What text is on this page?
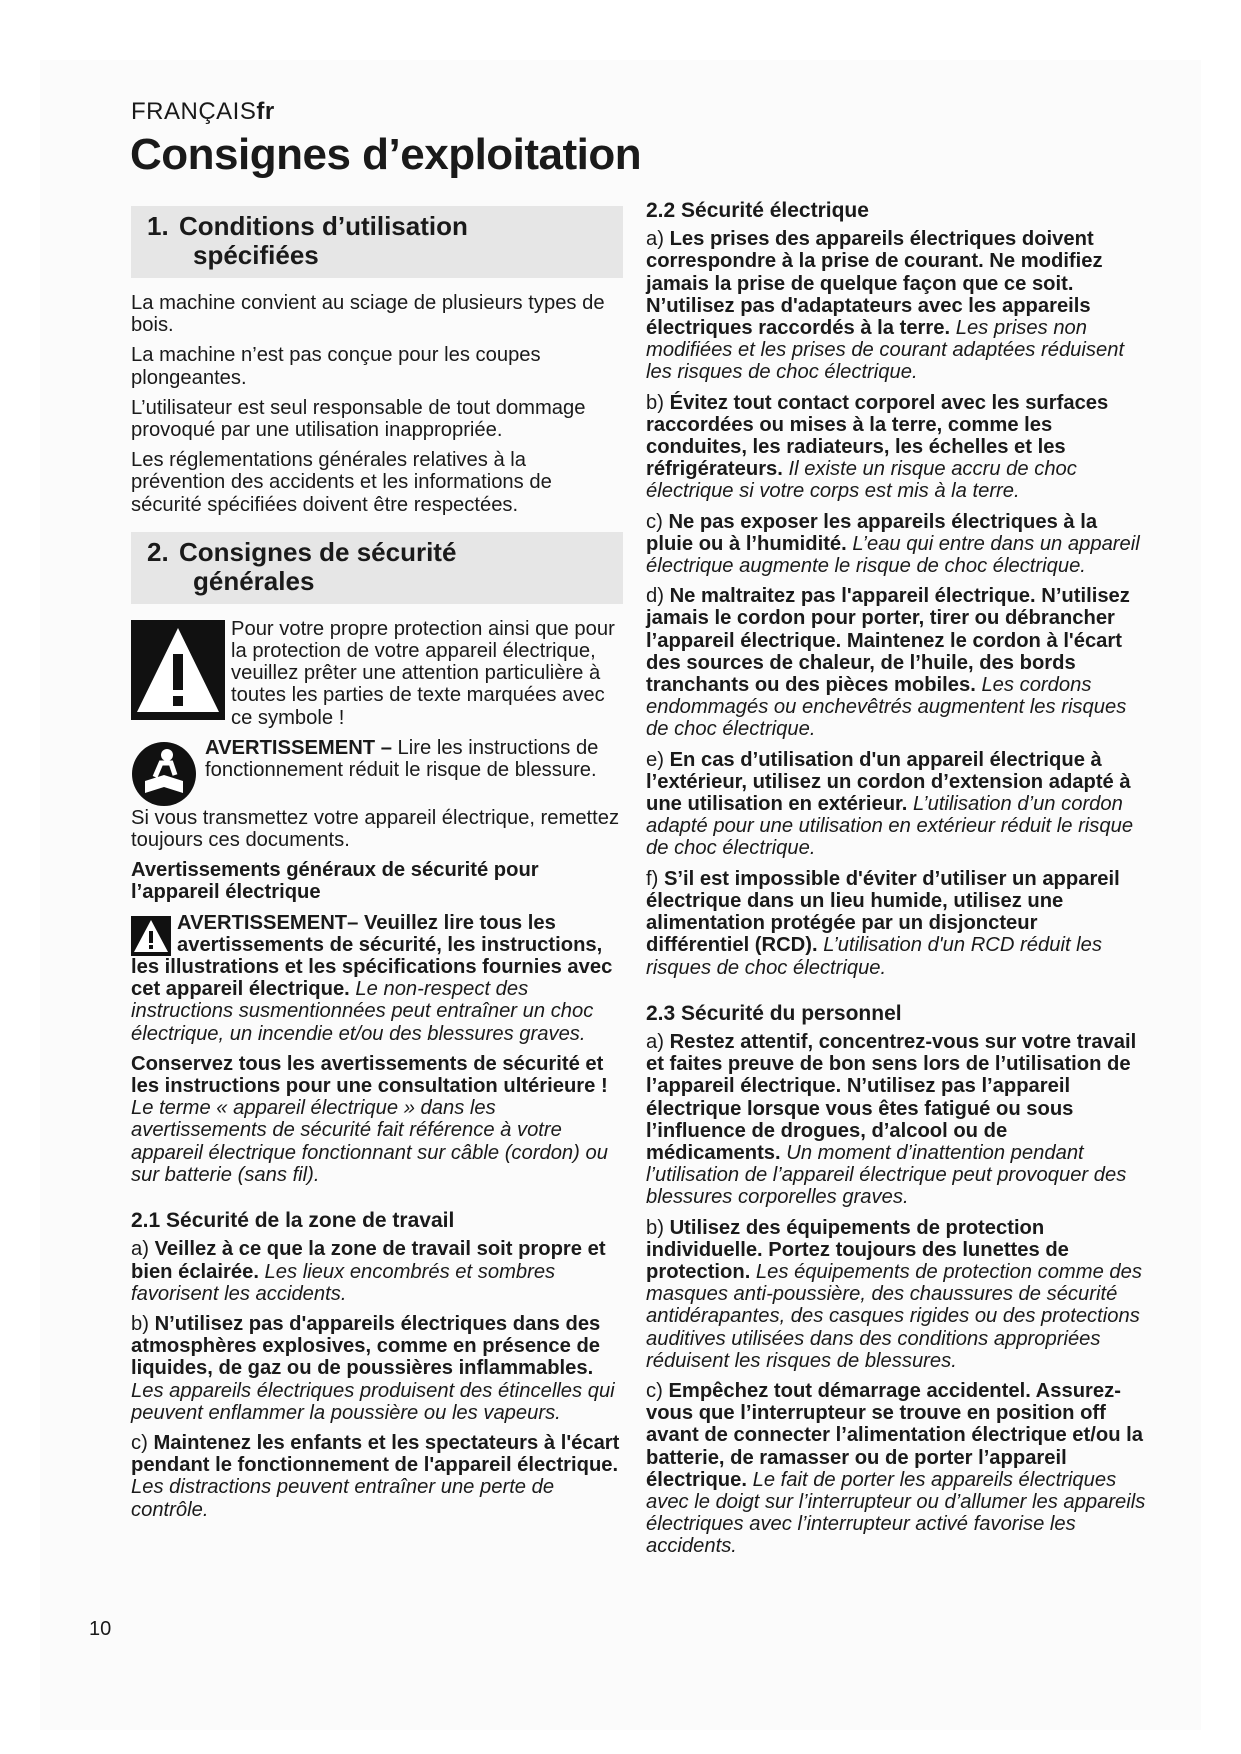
FRANÇAISfr
Consignes d’exploitation
1. Conditions d’utilisation
spécifiées

La machine convient au sciage de plusieurs types de bois.

La machine n’est pas conçue pour les coupes plongeantes.

L’utilisateur est seul responsable de tout dommage provoqué par une utilisation inappropriée.

Les réglementations générales relatives à la prévention des accidents et les informations de sécurité spécifiées doivent être respectées.

2. Consignes de sécurité
générales

Pour votre propre protection ainsi que pour la protection de votre appareil électrique, veuillez prêter une attention particulière à toutes les parties de texte marquées avec ce symbole !

AVERTISSEMENT – Lire les instructions de fonctionnement réduit le risque de blessure.

Si vous transmettez votre appareil électrique, remettez toujours ces documents.

Avertissements généraux de sécurité pour l’appareil électrique

AVERTISSEMENT– Veuillez lire tous les avertissements de sécurité, les instructions, les illustrations et les spécifications fournies avec cet appareil électrique. Le non-respect des instructions susmentionnées peut entraîner un choc électrique, un incendie et/ou des blessures graves.

Conservez tous les avertissements de sécurité et les instructions pour une consultation ultérieure ! Le terme « appareil électrique » dans les avertissements de sécurité fait référence à votre appareil électrique fonctionnant sur câble (cordon) ou sur batterie (sans fil).

2.1 Sécurité de la zone de travail

a) Veillez à ce que la zone de travail soit propre et bien éclairée. Les lieux encombrés et sombres favorisent les accidents.

b) N’utilisez pas d'appareils électriques dans des atmosphères explosives, comme en présence de liquides, de gaz ou de poussières inflammables. Les appareils électriques produisent des étincelles qui peuvent enflammer la poussière ou les vapeurs.

c) Maintenez les enfants et les spectateurs à l'écart pendant le fonctionnement de l'appareil électrique. Les distractions peuvent entraîner une perte de contrôle.

2.2 Sécurité électrique

a) Les prises des appareils électriques doivent correspondre à la prise de courant. Ne modifiez jamais la prise de quelque façon que ce soit. N’utilisez pas d'adaptateurs avec les appareils électriques raccordés à la terre. Les prises non modifiées et les prises de courant adaptées réduisent les risques de choc électrique.

b) Évitez tout contact corporel avec les surfaces raccordées ou mises à la terre, comme les conduites, les radiateurs, les échelles et les réfrigérateurs. Il existe un risque accru de choc électrique si votre corps est mis à la terre.

c) Ne pas exposer les appareils électriques à la pluie ou à l’humidité. L’eau qui entre dans un appareil électrique augmente le risque de choc électrique.

d) Ne maltraitez pas l'appareil électrique. N’utilisez jamais le cordon pour porter, tirer ou débrancher l’appareil électrique. Maintenez le cordon à l'écart des sources de chaleur, de l’huile, des bords tranchants ou des pièces mobiles. Les cordons endommagés ou enchevêtrés augmentent les risques de choc électrique.

e) En cas d’utilisation d'un appareil électrique à l’extérieur, utilisez un cordon d’extension adapté à une utilisation en extérieur. L’utilisation d’un cordon adapté pour une utilisation en extérieur réduit le risque de choc électrique.

f) S’il est impossible d'éviter d’utiliser un appareil électrique dans un lieu humide, utilisez une alimentation protégée par un disjoncteur différentiel (RCD). L’utilisation d'un RCD réduit les risques de choc électrique.

2.3 Sécurité du personnel

a) Restez attentif, concentrez-vous sur votre travail et faites preuve de bon sens lors de l’utilisation de l’appareil électrique. N’utilisez pas l’appareil électrique lorsque vous êtes fatigué ou sous l’influence de drogues, d’alcool ou de médicaments. Un moment d’inattention pendant l’utilisation de l’appareil électrique peut provoquer des blessures corporelles graves.

b) Utilisez des équipements de protection individuelle. Portez toujours des lunettes de protection. Les équipements de protection comme des masques anti-poussière, des chaussures de sécurité antidérapantes, des casques rigides ou des protections auditives utilisées dans des conditions appropriées réduisent les risques de blessures.

c) Empêchez tout démarrage accidentel. Assurez-vous que l’interrupteur se trouve en position off avant de connecter l’alimentation électrique et/ou la batterie, de ramasser ou de porter l’appareil électrique. Le fait de porter les appareils électriques avec le doigt sur l’interrupteur ou d’allumer les appareils électriques avec l’interrupteur activé favorise les accidents.

10
